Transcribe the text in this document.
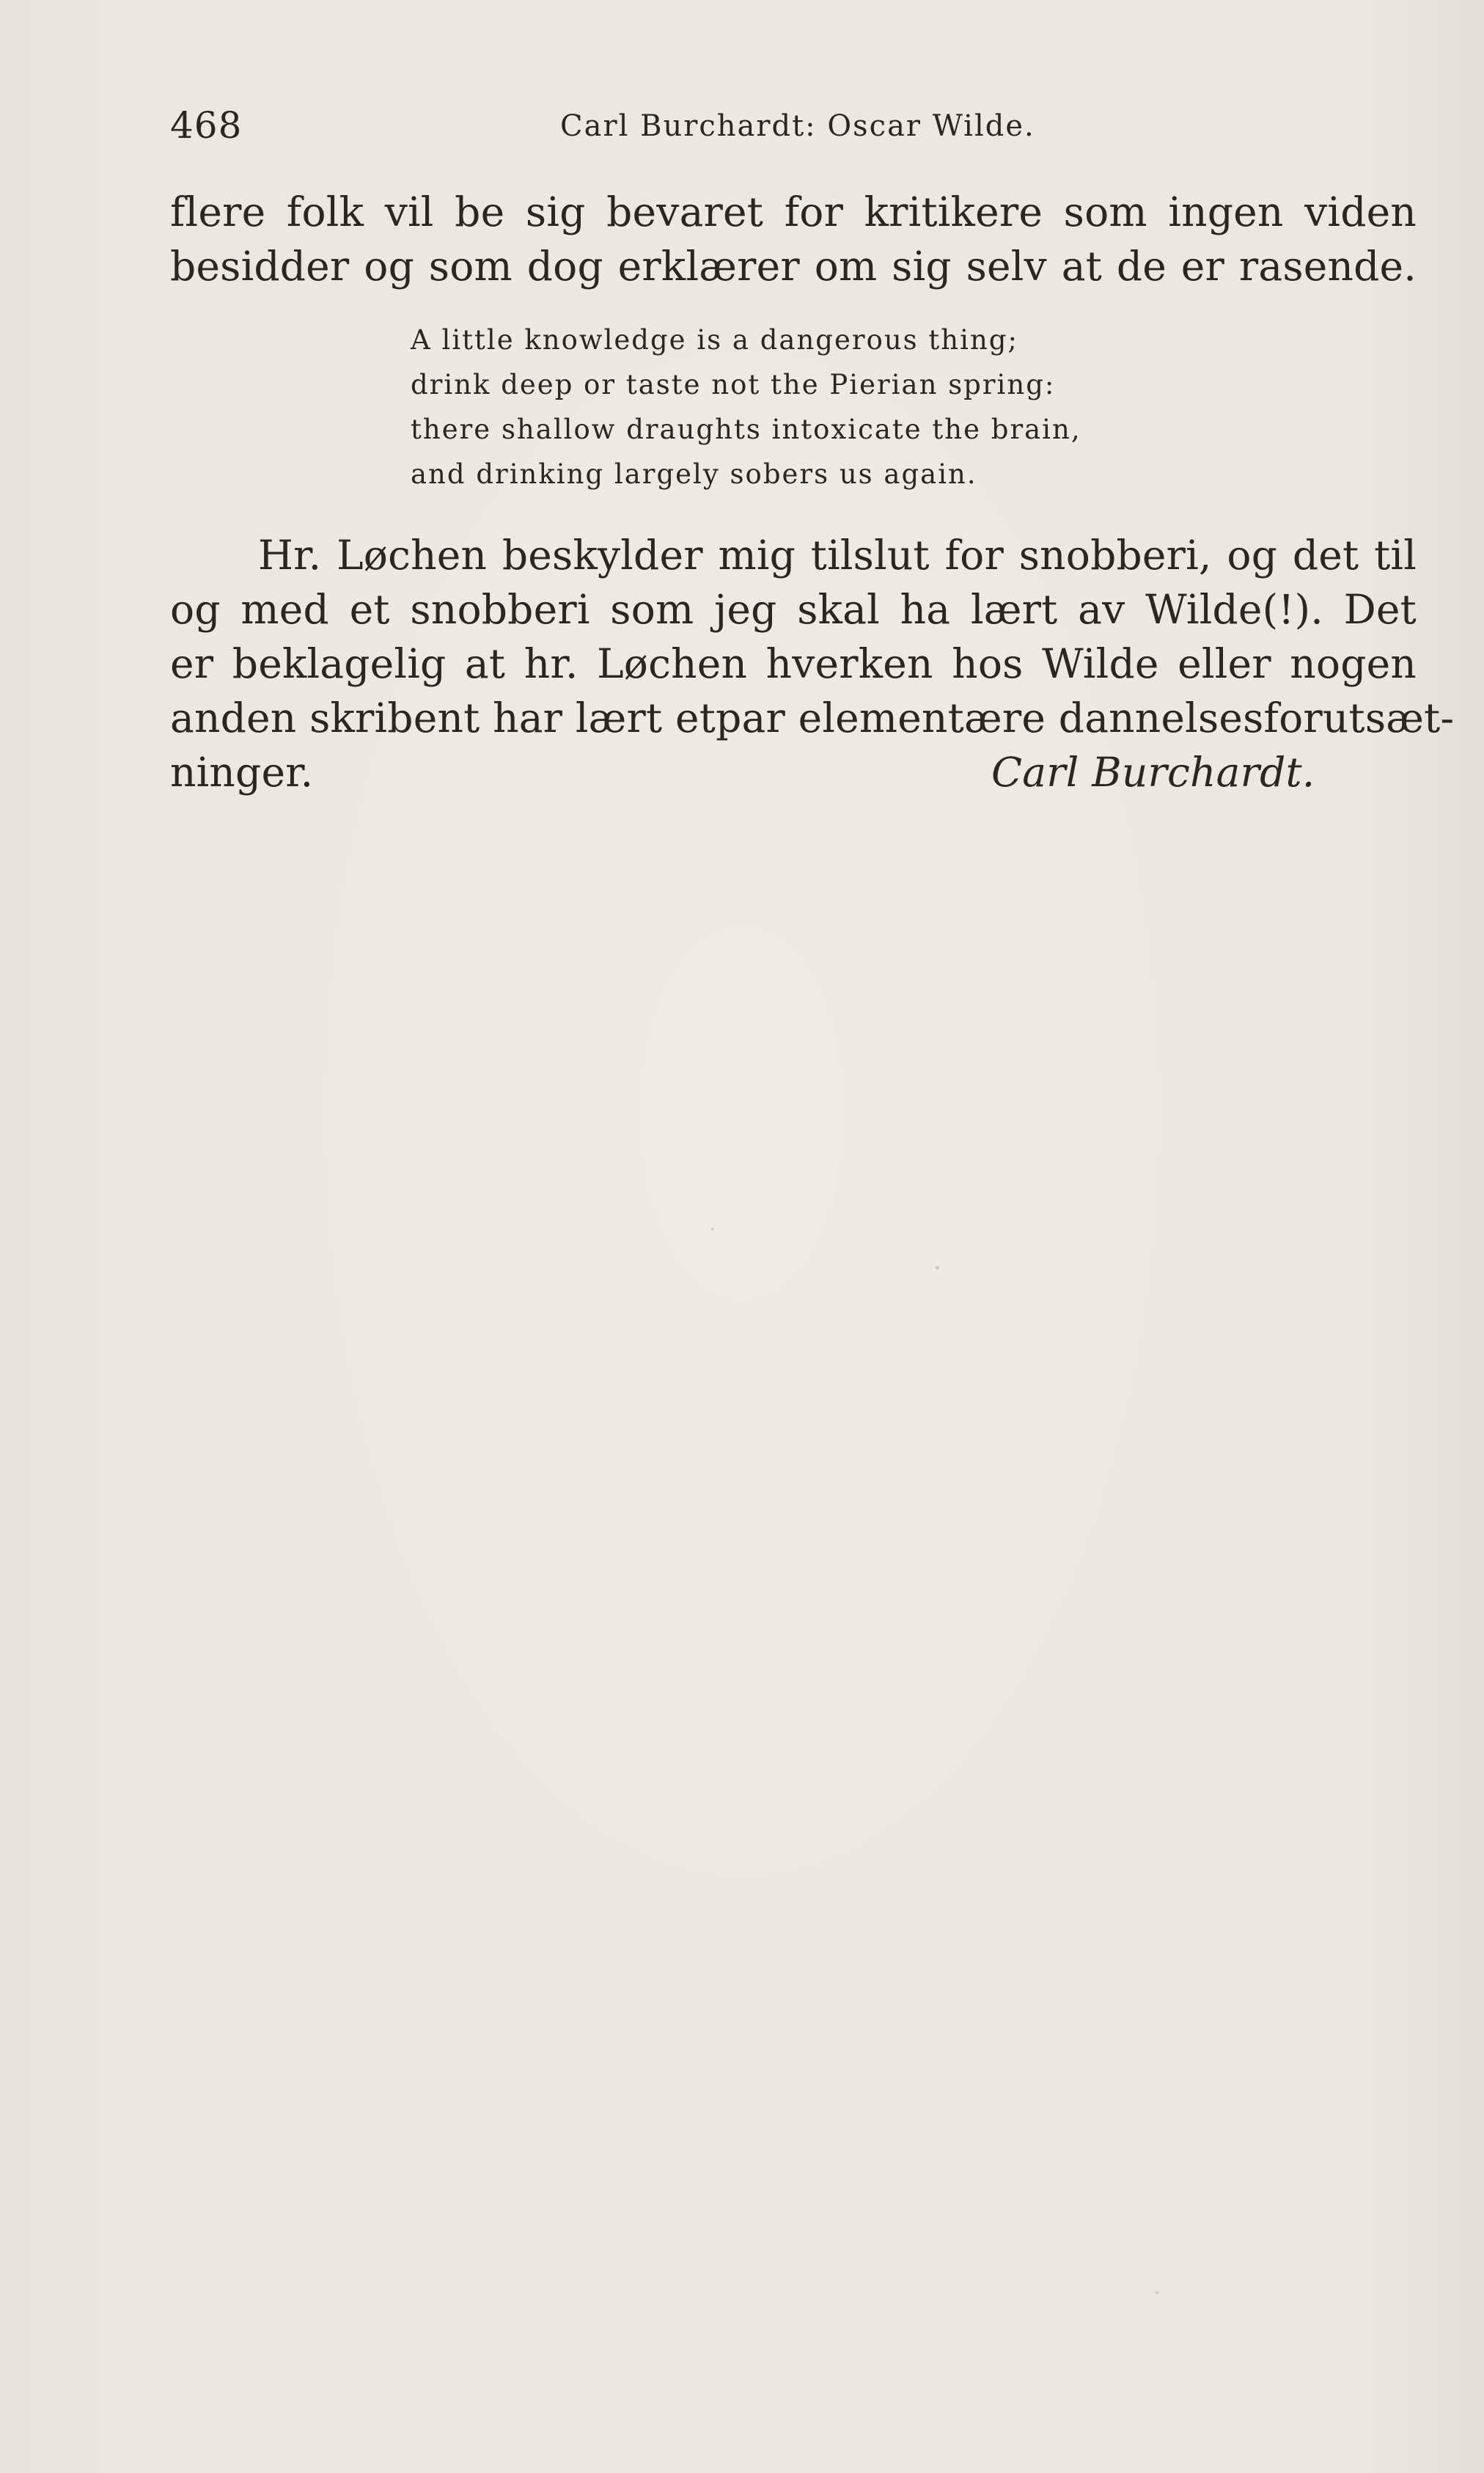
468	Carl Burchardt: Oscar Wilde.

flere folk vil be sig bevaret for kritikere som ingen viden
besidder og som dog erklærer om sig selv at de er rasende.

A little knowledge is a dangerous thing;
drink deep or taste not the Pierian spring:
there shallow draughts intoxicate the brain,
and drinking largely sobers us again.

Hr. Løchen beskylder mig tilslut for snobberi, og det til
og med et snobberi som jeg skal ha lært av Wilde(!). Det
er beklagelig at hr. Løchen hverken hos Wilde eller nogen
anden skribent har lært etpar elementære dannelsesforutsæt-
ninger.	Carl Burchardt.
